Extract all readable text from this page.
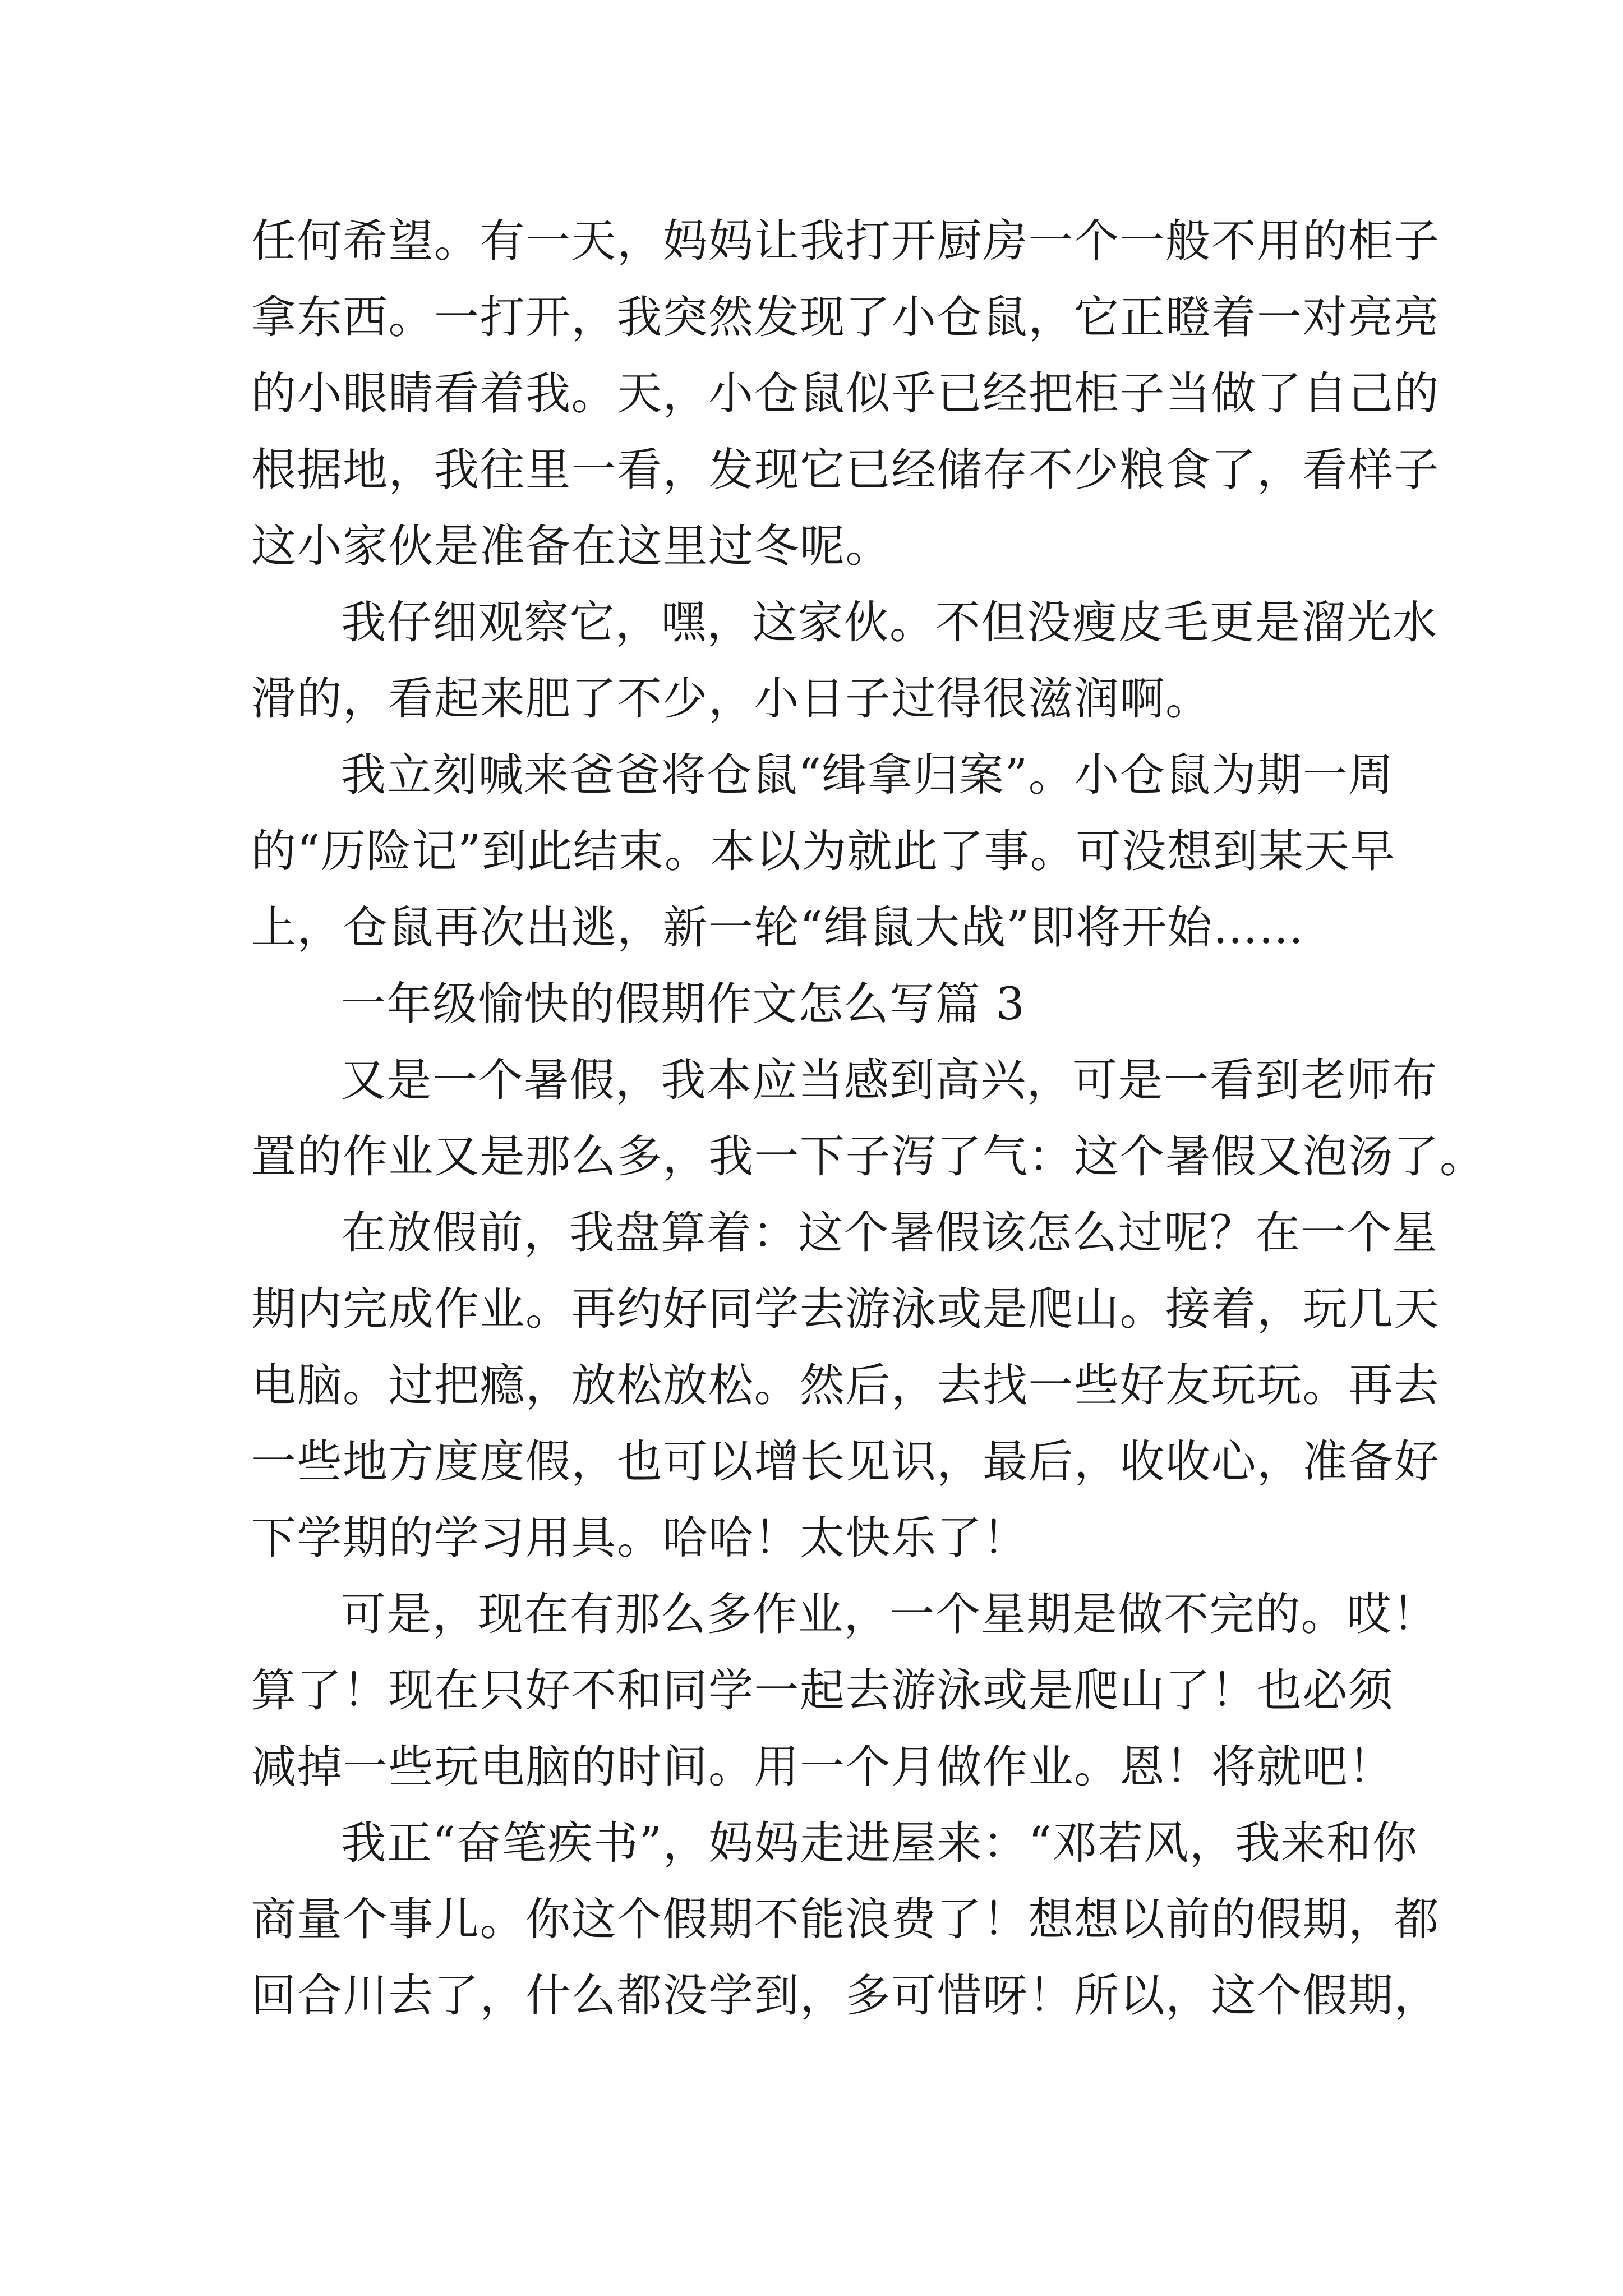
任何希望。有一天，妈妈让我打开厨房一个一般不用的柜子
拿东西。一打开，我突然发现了小仓鼠，它正瞪着一对亮亮
的小眼睛看着我。天，小仓鼠似乎已经把柜子当做了自己的
根据地，我往里一看，发现它已经储存不少粮食了，看样子
这小家伙是准备在这里过冬呢。
我仔细观察它，嘿，这家伙。不但没瘦皮毛更是溜光水
滑的，看起来肥了不少，小日子过得很滋润啊。
我立刻喊来爸爸将仓鼠“缉拿归案”。小仓鼠为期一周
的“历险记”到此结束。本以为就此了事。可没想到某天早
上，仓鼠再次出逃，新一轮“缉鼠大战”即将开始……
一年级愉快的假期作文怎么写篇 3
又是一个暑假，我本应当感到高兴，可是一看到老师布
置的作业又是那么多，我一下子泻了气：这个暑假又泡汤了。
在放假前，我盘算着：这个暑假该怎么过呢？在一个星
期内完成作业。再约好同学去游泳或是爬山。接着，玩几天
电脑。过把瘾，放松放松。然后，去找一些好友玩玩。再去
一些地方度度假，也可以增长见识，最后，收收心，准备好
下学期的学习用具。哈哈！太快乐了！
可是，现在有那么多作业，一个星期是做不完的。哎！
算了！现在只好不和同学一起去游泳或是爬山了！也必须
减掉一些玩电脑的时间。用一个月做作业。恩！将就吧！
我正“奋笔疾书”，妈妈走进屋来：“邓若风，我来和你
商量个事儿。你这个假期不能浪费了！想想以前的假期，都
回合川去了，什么都没学到，多可惜呀！所以，这个假期，
